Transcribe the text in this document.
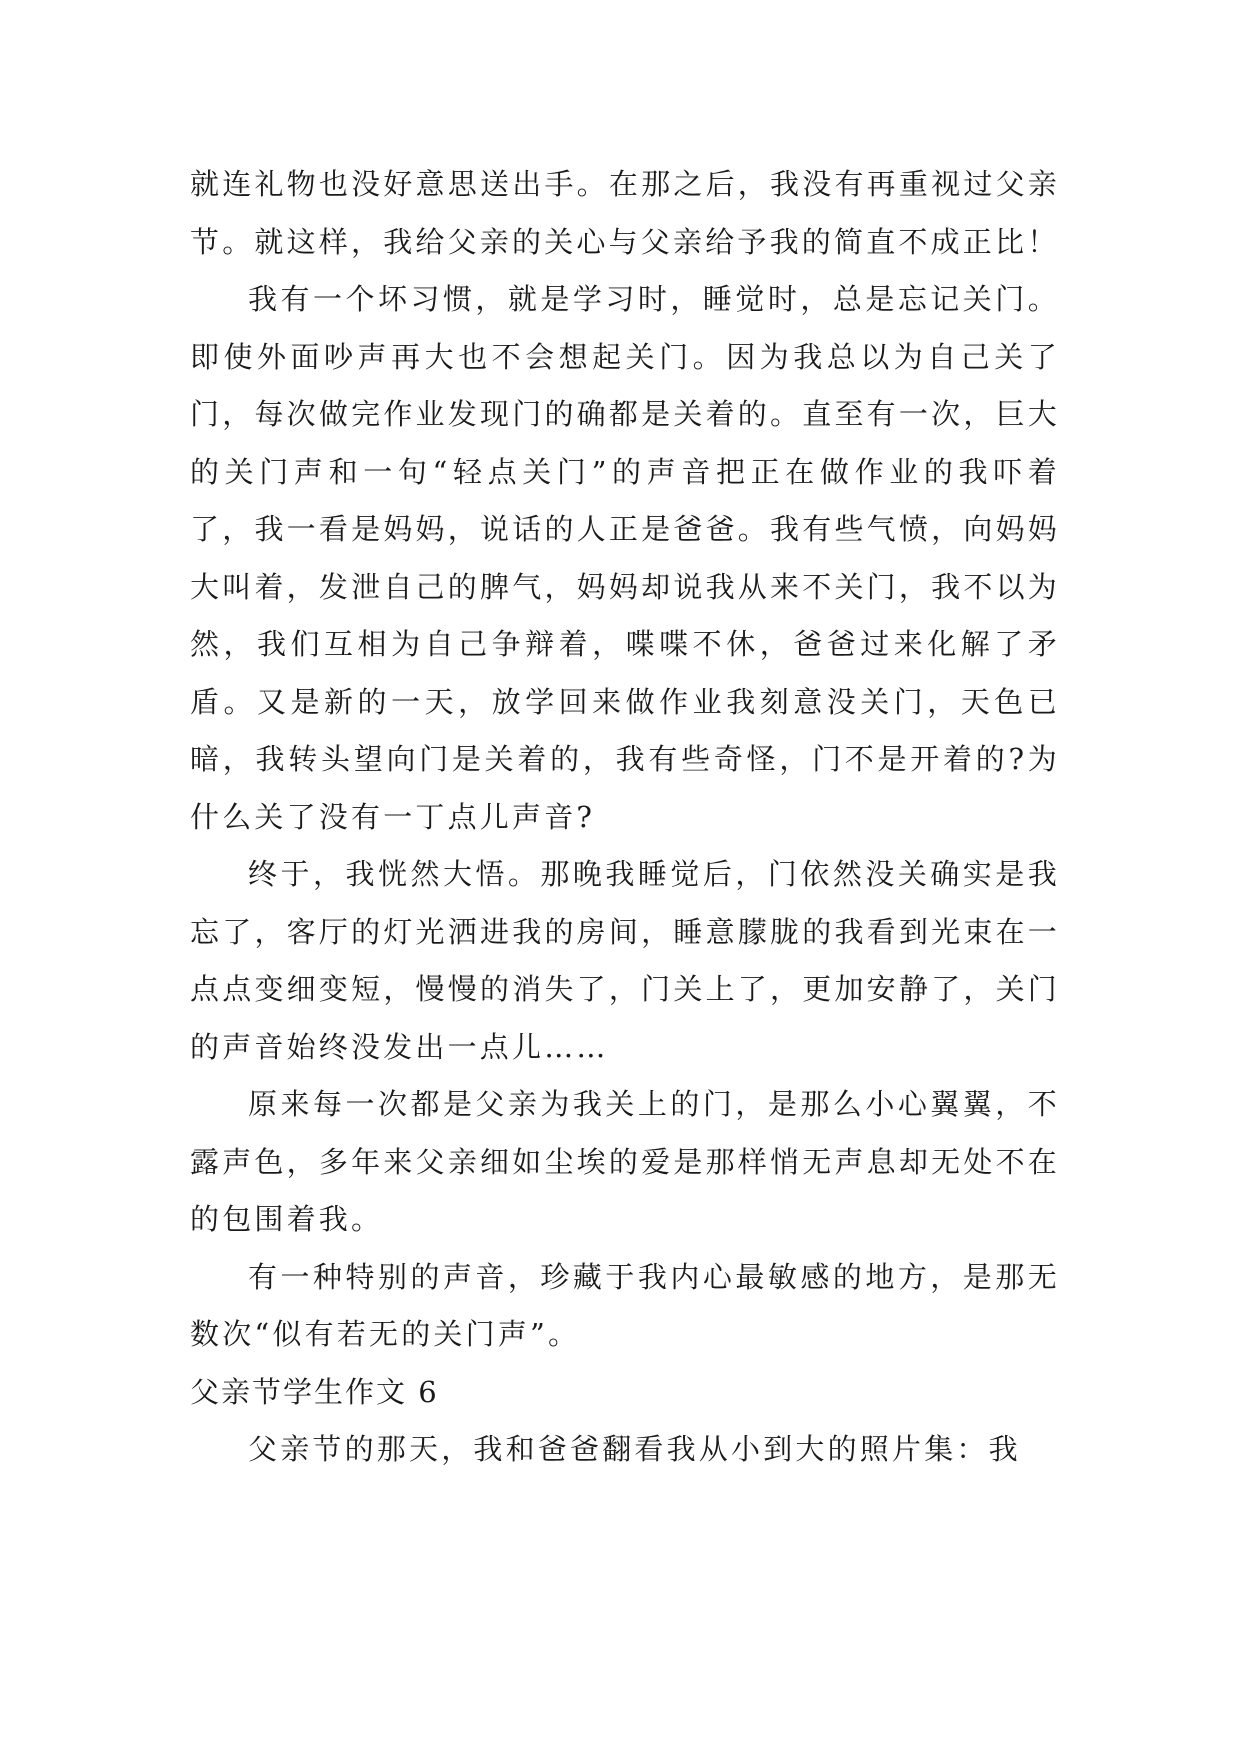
就连礼物也没好意思送出手。在那之后，我没有再重视过父亲节。就这样，我给父亲的关心与父亲给予我的简直不成正比！

我有一个坏习惯，就是学习时，睡觉时，总是忘记关门。即使外面吵声再大也不会想起关门。因为我总以为自己关了门，每次做完作业发现门的确都是关着的。直至有一次，巨大的关门声和一句“轻点关门”的声音把正在做作业的我吓着了，我一看是妈妈，说话的人正是爸爸。我有些气愤，向妈妈大叫着，发泄自己的脾气，妈妈却说我从来不关门，我不以为然，我们互相为自己争辩着，喋喋不休，爸爸过来化解了矛盾。又是新的一天，放学回来做作业我刻意没关门，天色已暗，我转头望向门是关着的，我有些奇怪，门不是开着的?为什么关了没有一丁点儿声音?

终于，我恍然大悟。那晚我睡觉后，门依然没关确实是我忘了，客厅的灯光洒进我的房间，睡意朦胧的我看到光束在一点点变细变短，慢慢的消失了，门关上了，更加安静了，关门的声音始终没发出一点儿……

原来每一次都是父亲为我关上的门，是那么小心翼翼，不露声色，多年来父亲细如尘埃的爱是那样悄无声息却无处不在的包围着我。

有一种特别的声音，珍藏于我内心最敏感的地方，是那无数次“似有若无的关门声”。

父亲节学生作文 6

父亲节的那天，我和爸爸翻看我从小到大的照片集：我
